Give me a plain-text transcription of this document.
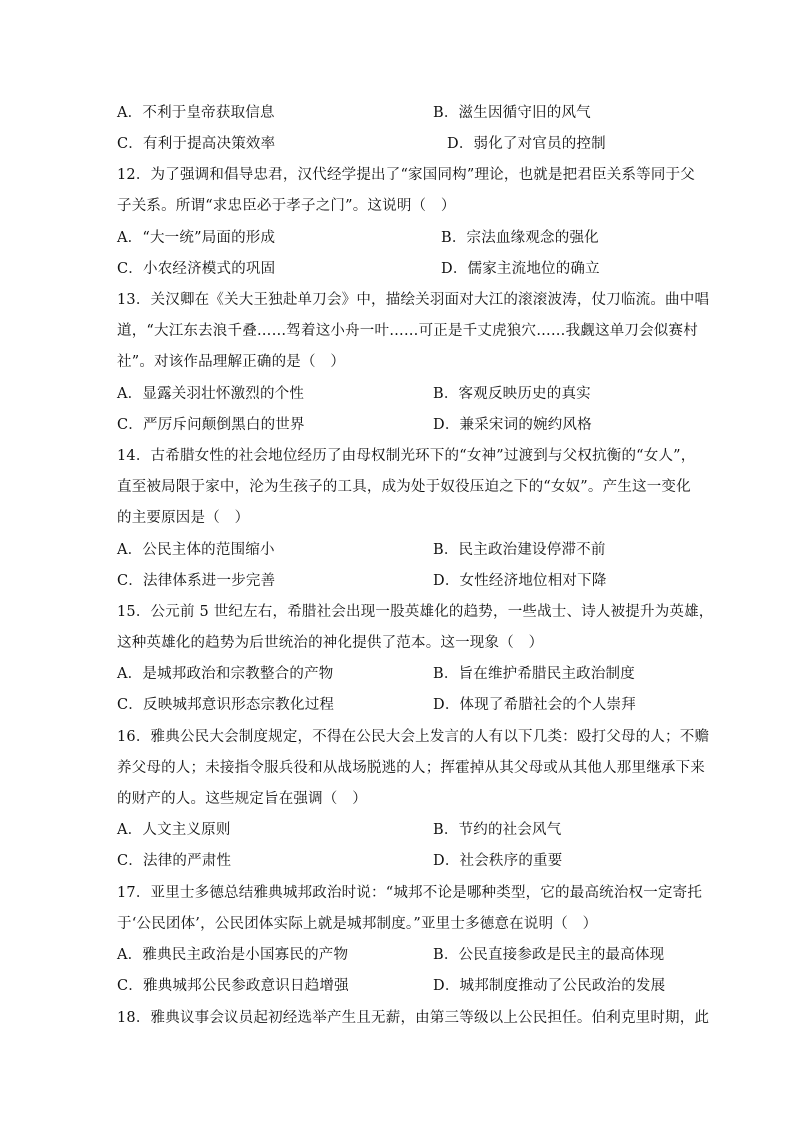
A．不利于皇帝获取信息	B．滋生因循守旧的风气
C．有利于提高决策效率	D．弱化了对官员的控制
12．为了强调和倡导忠君，汉代经学提出了“家国同构”理论，也就是把君臣关系等同于父
子关系。所谓“求忠臣必于孝子之门”。这说明（　）
A．“大一统”局面的形成	B．宗法血缘观念的强化
C．小农经济模式的巩固	D．儒家主流地位的确立
13．关汉卿在《关大王独赴单刀会》中，描绘关羽面对大江的滚滚波涛，仗刀临流。曲中唱
道，“大江东去浪千叠……驾着这小舟一叶……可正是千丈虎狼穴……我觑这单刀会似赛村
社”。对该作品理解正确的是（　）
A．显露关羽壮怀激烈的个性	B．客观反映历史的真实
C．严厉斥问颠倒黑白的世界	D．兼采宋词的婉约风格
14．古希腊女性的社会地位经历了由母权制光环下的“女神”过渡到与父权抗衡的“女人”，
直至被局限于家中，沦为生孩子的工具，成为处于奴役压迫之下的“女奴”。产生这一变化
的主要原因是（　）
A．公民主体的范围缩小	B．民主政治建设停滞不前
C．法律体系进一步完善	D．女性经济地位相对下降
15．公元前 5 世纪左右，希腊社会出现一股英雄化的趋势，一些战士、诗人被提升为英雄，
这种英雄化的趋势为后世统治的神化提供了范本。这一现象（　）
A．是城邦政治和宗教整合的产物	B．旨在维护希腊民主政治制度
C．反映城邦意识形态宗教化过程	D．体现了希腊社会的个人崇拜
16．雅典公民大会制度规定，不得在公民大会上发言的人有以下几类：殴打父母的人；不赡
养父母的人；未接指令服兵役和从战场脱逃的人；挥霍掉从其父母或从其他人那里继承下来
的财产的人。这些规定旨在强调（　）
A．人文主义原则	B．节约的社会风气
C．法律的严肃性	D．社会秩序的重要
17．亚里士多德总结雅典城邦政治时说：“城邦不论是哪种类型，它的最高统治权一定寄托
于‘公民团体’，公民团体实际上就是城邦制度。”亚里士多德意在说明（　）
A．雅典民主政治是小国寡民的产物	B．公民直接参政是民主的最高体现
C．雅典城邦公民参政意识日趋增强	D．城邦制度推动了公民政治的发展
18．雅典议事会议员起初经选举产生且无薪，由第三等级以上公民担任。伯利克里时期，此
